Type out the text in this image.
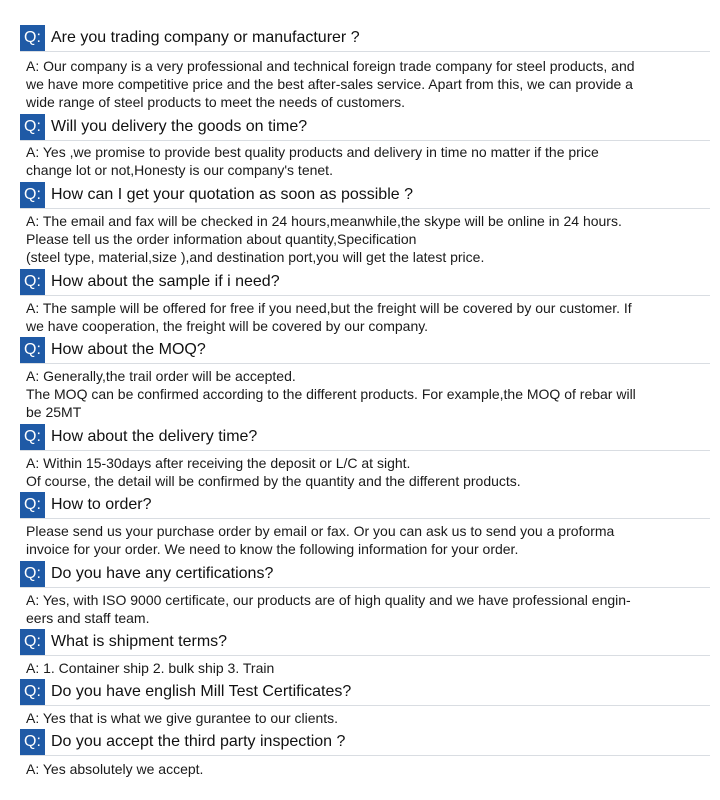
Q: Are you trading company or manufacturer ?
A: Our company is a very professional and technical foreign trade company for steel products, and
we have more competitive price and the best after-sales service. Apart from this, we can provide a
wide range of steel products to meet the needs of customers.
Q: Will you delivery the goods on time?
A: Yes ,we promise to provide best quality products and delivery in time no matter if the price
change lot or not,Honesty is our company's tenet.
Q: How can I get your quotation as soon as possible ?
A: The email and fax will be checked in 24 hours,meanwhile,the skype will be online in 24 hours.
Please tell us the order information about quantity,Specification
(steel type, material,size ),and destination port,you will get the latest price.
Q: How about the sample if i need?
A: The sample will be offered for free if you need,but the freight will be covered by our customer. If
we have cooperation, the freight will be covered by our company.
Q: How about the MOQ?
A: Generally,the trail order will be accepted.
The MOQ can be confirmed according to the different products. For example,the MOQ of rebar will
be 25MT
Q: How about the delivery time?
A: Within 15-30days after receiving the deposit or L/C at sight.
Of course, the detail will be confirmed by the quantity and the different products.
Q: How to order?
Please send us your purchase order by email or fax. Or you can ask us to send you a proforma
invoice for your order. We need to know the following information for your order.
Q: Do you have any certifications?
A: Yes, with ISO 9000 certificate, our products are of high quality and we have professional engin-
eers and staff team.
Q: What is shipment terms?
A: 1. Container ship 2. bulk ship 3. Train
Q: Do you have english Mill Test Certificates?
A: Yes that is what we give gurantee to our clients.
Q: Do you accept the third party inspection ?
A: Yes absolutely we accept.
